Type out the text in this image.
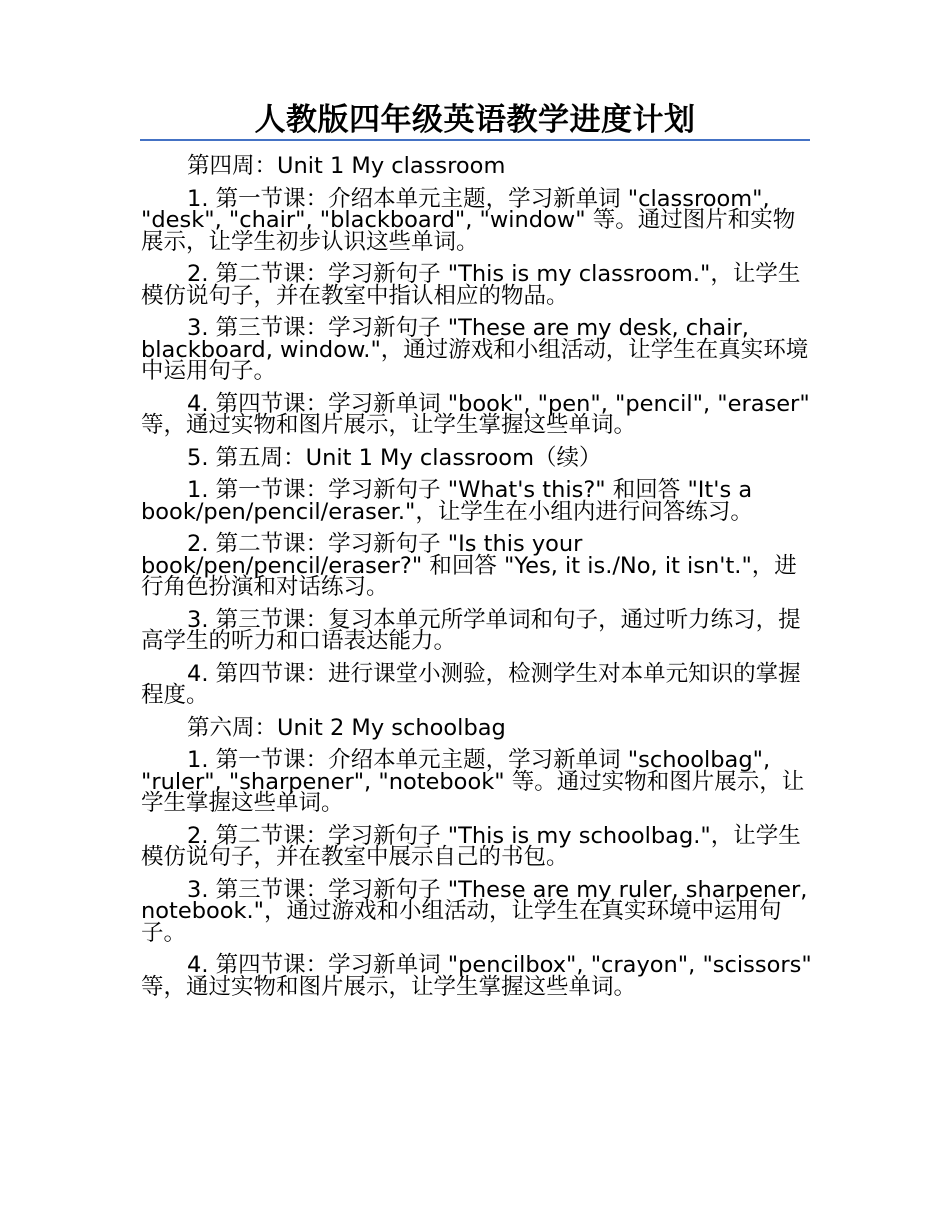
人教版四年级英语教学进度计划

第四周：Unit 1 My classroom

1. 第一节课：介绍本单元主题，学习新单词 "classroom", "desk", "chair", "blackboard", "window" 等。通过图片和实物展示，让学生初步认识这些单词。

2. 第二节课：学习新句子 "This is my classroom."，让学生模仿说句子，并在教室中指认相应的物品。

3. 第三节课：学习新句子 "These are my desk, chair, blackboard, window."，通过游戏和小组活动，让学生在真实环境中运用句子。

4. 第四节课：学习新单词 "book", "pen", "pencil", "eraser" 等，通过实物和图片展示，让学生掌握这些单词。

5. 第五周：Unit 1 My classroom（续）

1. 第一节课：学习新句子 "What's this?" 和回答 "It's a book/pen/pencil/eraser."，让学生在小组内进行问答练习。

2. 第二节课：学习新句子 "Is this your book/pen/pencil/eraser?" 和回答 "Yes, it is./No, it isn't."，进行角色扮演和对话练习。

3. 第三节课：复习本单元所学单词和句子，通过听力练习，提高学生的听力和口语表达能力。

4. 第四节课：进行课堂小测验，检测学生对本单元知识的掌握程度。

第六周：Unit 2 My schoolbag

1. 第一节课：介绍本单元主题，学习新单词 "schoolbag", "ruler", "sharpener", "notebook" 等。通过实物和图片展示，让学生掌握这些单词。

2. 第二节课：学习新句子 "This is my schoolbag."，让学生模仿说句子，并在教室中展示自己的书包。

3. 第三节课：学习新句子 "These are my ruler, sharpener, notebook."，通过游戏和小组活动，让学生在真实环境中运用句子。

4. 第四节课：学习新单词 "pencilbox", "crayon", "scissors" 等，通过实物和图片展示，让学生掌握这些单词。
